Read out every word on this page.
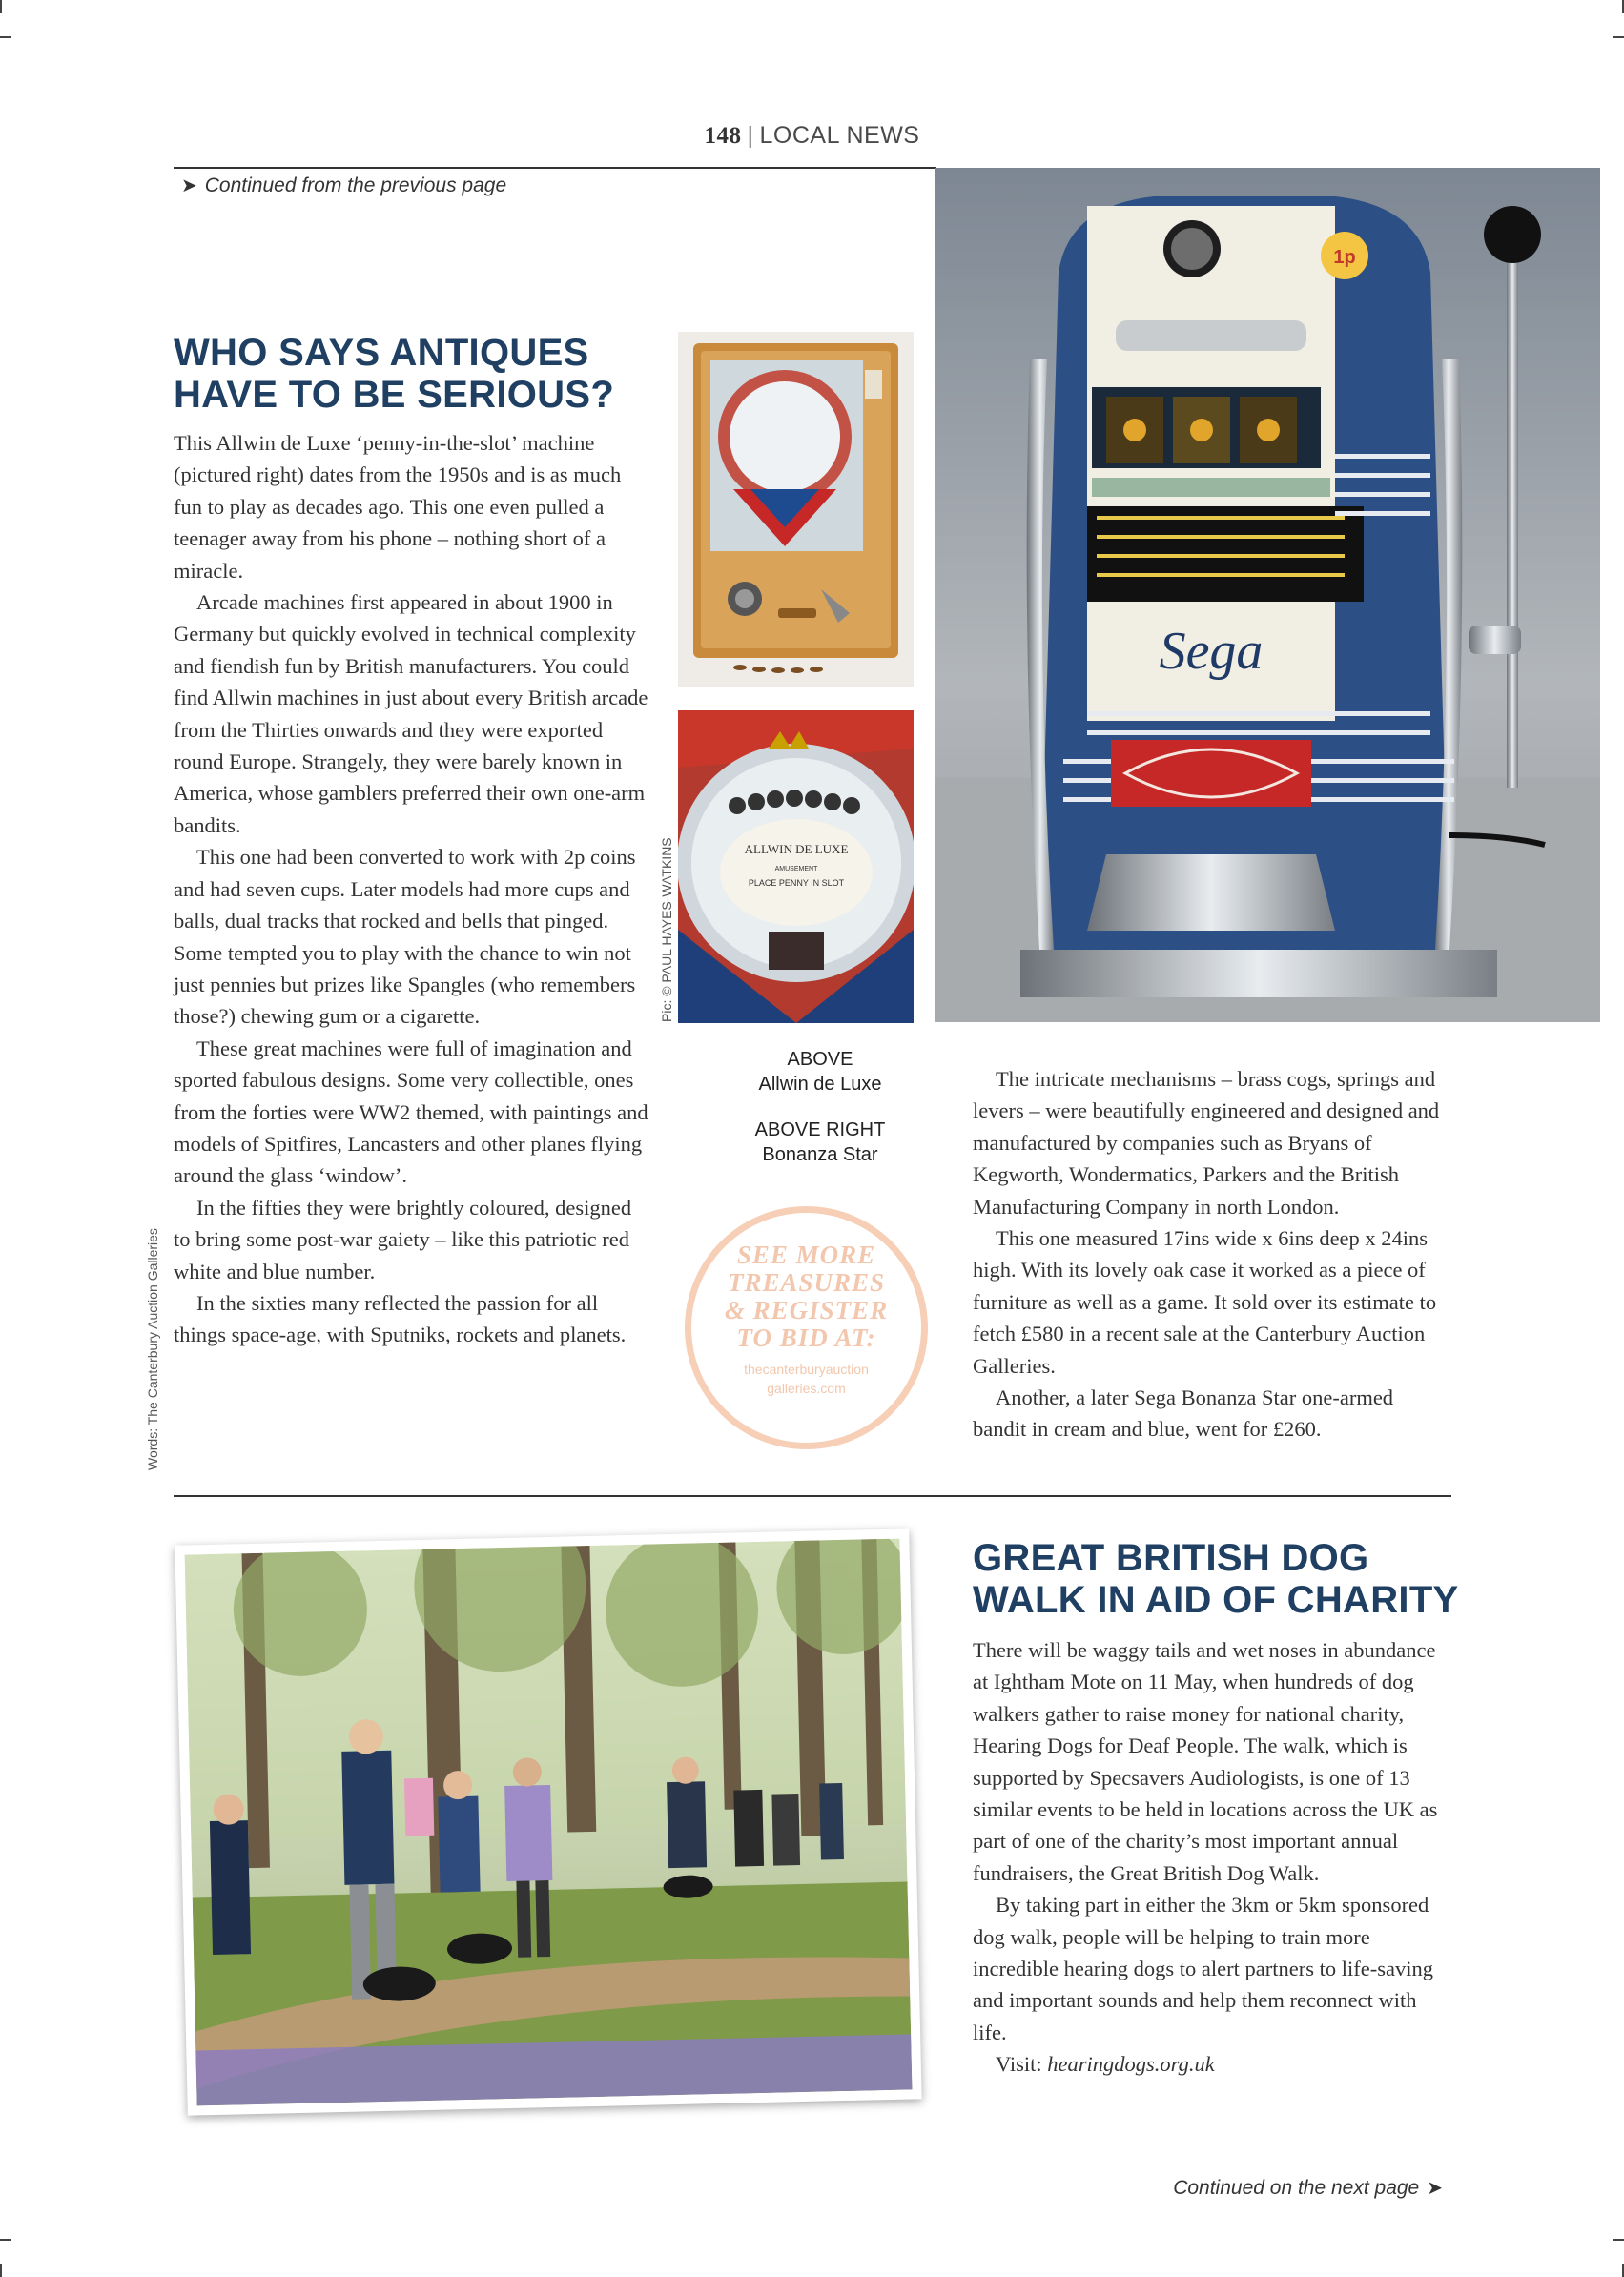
148 | LOCAL NEWS
➤ Continued from the previous page
WHO SAYS ANTIQUES
HAVE TO BE SERIOUS?

This Allwin de Luxe ‘penny-in-the-slot’ machine (pictured right) dates from the 1950s and is as much fun to play as decades ago. This one even pulled a teenager away from his phone – nothing short of a miracle.

Arcade machines first appeared in about 1900 in Germany but quickly evolved in technical complexity and fiendish fun by British manufacturers. You could find Allwin machines in just about every British arcade from the Thirties onwards and they were exported round Europe. Strangely, they were barely known in America, whose gamblers preferred their own one-arm bandits.

This one had been converted to work with 2p coins and had seven cups. Later models had more cups and balls, dual tracks that rocked and bells that pinged. Some tempted you to play with the chance to win not just pennies but prizes like Spangles (who remembers those?) chewing gum or a cigarette.

These great machines were full of imagination and sported fabulous designs. Some very collectible, ones from the forties were WW2 themed, with paintings and models of Spitfires, Lancasters and other planes flying around the glass ‘window’.

In the fifties they were brightly coloured, designed to bring some post-war gaiety – like this patriotic red white and blue number.

In the sixties many reflected the passion for all things space-age, with Sputniks, rockets and planets.

Words: The Canterbury Auction Galleries
Pic: © PAUL HAYES-WATKINS	ALLWIN DE LUXE
AMUSEMENT
PLACE PENNY IN SLOT
1p
Sega
ABOVE
Allwin de Luxe
ABOVE RIGHT
Bonanza Star
SEE MORE
TREASURES
& REGISTER
TO BID AT:
thecanterburyauction
galleries.com

The intricate mechanisms – brass cogs, springs and levers – were beautifully engineered and designed and manufactured by companies such as Bryans of Kegworth, Wondermatics, Parkers and the British Manufacturing Company in north London.

This one measured 17ins wide x 6ins deep x 24ins high. With its lovely oak case it worked as a piece of furniture as well as a game. It sold over its estimate to fetch £580 in a recent sale at the Canterbury Auction Galleries.

Another, a later Sega Bonanza Star one-armed bandit in cream and blue, went for £260.

GREAT BRITISH DOG
WALK IN AID OF CHARITY

There will be waggy tails and wet noses in abundance at Ightham Mote on 11 May, when hundreds of dog walkers gather to raise money for national charity, Hearing Dogs for Deaf People. The walk, which is supported by Specsavers Audiologists, is one of 13 similar events to be held in locations across the UK as part of one of the charity’s most important annual fundraisers, the Great British Dog Walk.

By taking part in either the 3km or 5km sponsored dog walk, people will be helping to train more incredible hearing dogs to alert partners to life-saving and important sounds and help them reconnect with life.

Visit: hearingdogs.org.uk

Continued on the next page ➤
